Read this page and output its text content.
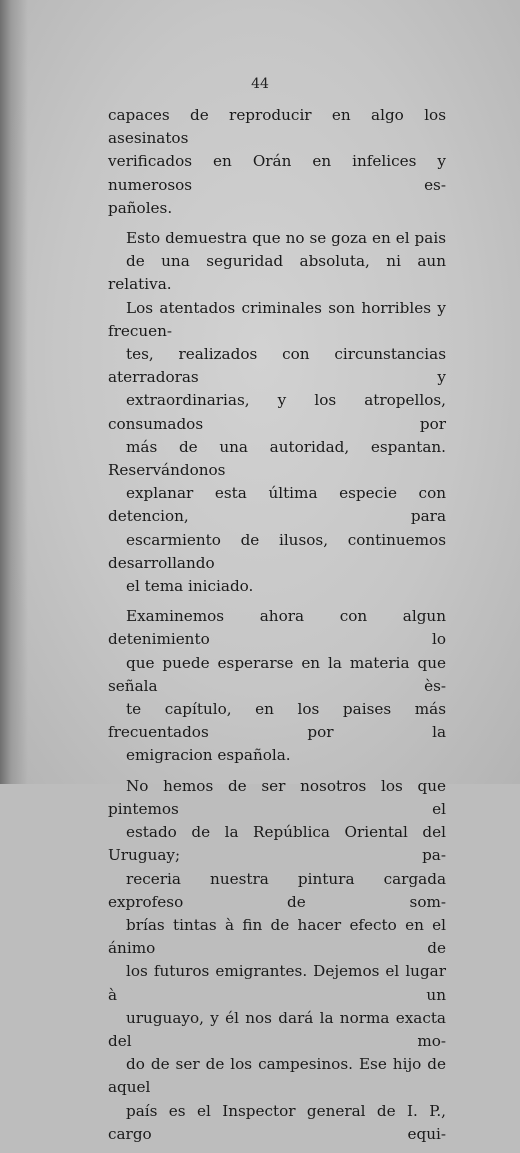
44

capaces de reproducir en algo los asesinatos
verificados en Orán en infelices y numerosos es-
pañoles.

Esto demuestra que no se goza en el pais
de una seguridad absoluta, ni aun relativa.
Los atentados criminales son horribles y frecuen-
tes, realizados con circunstancias aterradoras y
extraordinarias, y los atropellos, consumados por
más de una autoridad, espantan. Reservándonos
explanar esta última especie con detencion, para
escarmiento de ilusos, continuemos desarrollando
el tema iniciado.

Examinemos ahora con algun detenimiento lo
que puede esperarse en la materia que señala ès-
te capítulo, en los paises más frecuentados por la
emigracion española.

No hemos de ser nosotros los que pintemos el
estado de la República Oriental del Uruguay; pa-
receria nuestra pintura cargada exprofeso de som-
brías tintas à fin de hacer efecto en el ánimo de
los futuros emigrantes. Dejemos el lugar à un
uruguayo, y él nos dará la norma exacta del mo-
do de ser de los campesinos. Ese hijo de aquel
país es el Inspector general de I. P., cargo equi-
